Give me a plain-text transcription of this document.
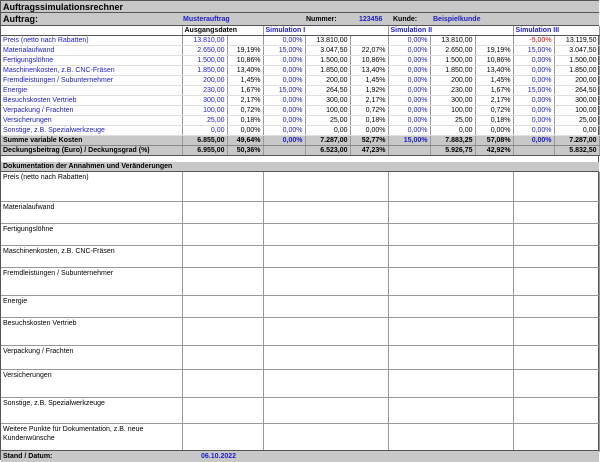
Auftragssimulationsrechner
Auftrag:	Musterauftrag	Nummer:	123456 Kunde: Beispielkunde
	Ausgangsdaten		Simulation I			Simulation II			Simulation III	
Preis (netto nach Rabatten)	13.810,00		0,00%	13.810,00		0,00%	13.810,00		-5,00%	13.119,50
Materialaufwand	2.650,00	19,19%	15,00%	3.047,50	22,07%	0,00%	2.650,00	19,19%	15,00%	3.047,50
Fertigungslöhne	1.500,00	10,86%	0,00%	1.500,00	10,86%	0,00%	1.500,00	10,86%	0,00%	1.500,00
Maschinenkosten, z.B. CNC-Fräsen	1.850,00	13,40%	0,00%	1.850,00	13,40%	0,00%	1.850,00	13,40%	0,00%	1.850,00
Fremdleistungen / Subunternehmer	200,00	1,45%	0,00%	200,00	1,45%	0,00%	200,00	1,45%	0,00%	200,00
Energie	230,00	1,67%	15,00%	264,50	1,92%	0,00%	230,00	1,67%	15,00%	264,50
Besuchskosten Vertrieb	300,00	2,17%	0,00%	300,00	2,17%	0,00%	300,00	2,17%	0,00%	300,00
Verpackung / Frachten	100,00	0,72%	0,00%	100,00	0,72%	0,00%	100,00	0,72%	0,00%	100,00
Versicherungen	25,00	0,18%	0,00%	25,00	0,18%	0,00%	25,00	0,18%	0,00%	25,00
Sonstige, z.B. Spezialwerkzeuge	0,00	0,00%	0,00%	0,00	0,00%	0,00%	0,00	0,00%	0,00%	0,00
Summe variable Kosten	6.855,00	49,64%	0,00%	7.287,00	52,77%	15,00%	7.883,25	57,08%	0,00%	7.287,00
Deckungsbeitrag (Euro) / Deckungsgrad (%)	6.955,00	50,36%		6.523,00	47,23%		5.926,75	42,92%		5.832,50
Dokumentation der Annahmen und Veränderungen
Preis (netto nach Rabatten)				
Materialaufwand				
Fertigungslöhne				
Maschinenkosten, z.B. CNC-Fräsen				
Fremdleistungen / Subunternehmer				
Energie				
Besuchskosten Vertrieb				
Verpackung / Frachten				
Versicherungen				
Sonstige, z.B. Spezialwerkzeuge				
Weitere Punkte für Dokumentation, z.B. neue Kundenwünsche				
Stand / Datum:	06.10.2022
